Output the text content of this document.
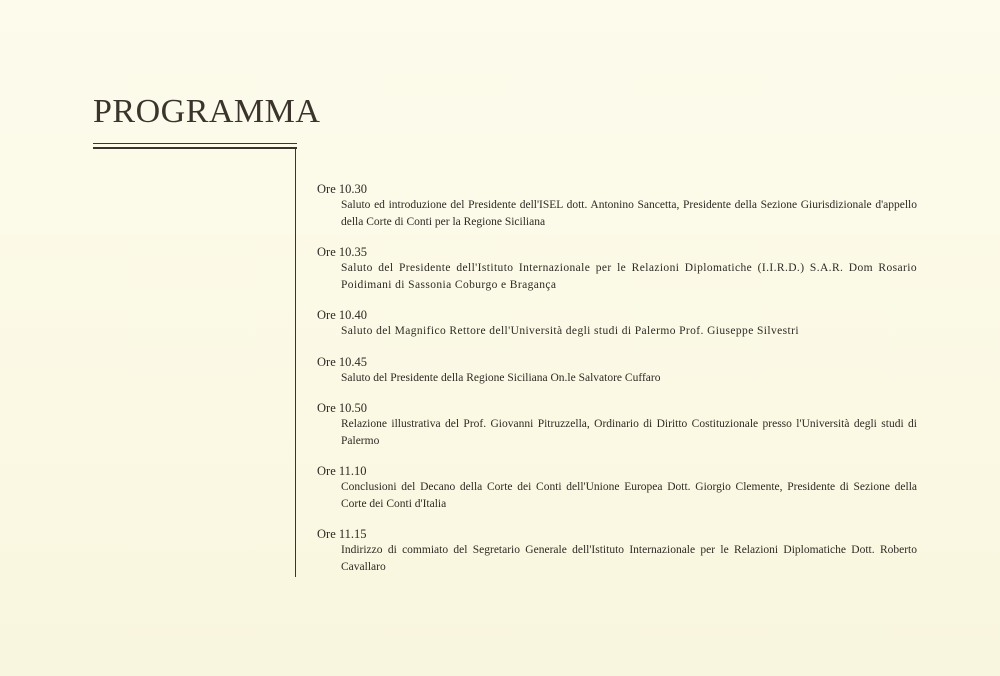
PROGRAMMA
Ore 10.30
Saluto ed introduzione del Presidente dell'ISEL dott. Antonino Sancetta, Presidente della Sezione Giurisdizionale d'appello della Corte di Conti per la Regione Siciliana
Ore 10.35
Saluto del Presidente dell'Istituto Internazionale per le Relazioni Diplomatiche (I.I.R.D.) S.A.R. Dom Rosario Poidimani di Sassonia Coburgo e Bragança
Ore 10.40
Saluto del Magnifico Rettore dell'Università degli studi di Palermo Prof. Giuseppe Silvestri
Ore 10.45
Saluto del Presidente della Regione Siciliana On.le Salvatore Cuffaro
Ore 10.50
Relazione illustrativa del Prof. Giovanni Pitruzzella, Ordinario di Diritto Costituzionale presso l'Università degli studi di Palermo
Ore 11.10
Conclusioni del Decano della Corte dei Conti dell'Unione Europea Dott. Giorgio Clemente, Presidente di Sezione della Corte dei Conti d'Italia
Ore 11.15
Indirizzo di commiato del Segretario Generale dell'Istituto Internazionale per le Relazioni Diplomatiche Dott. Roberto Cavallaro
